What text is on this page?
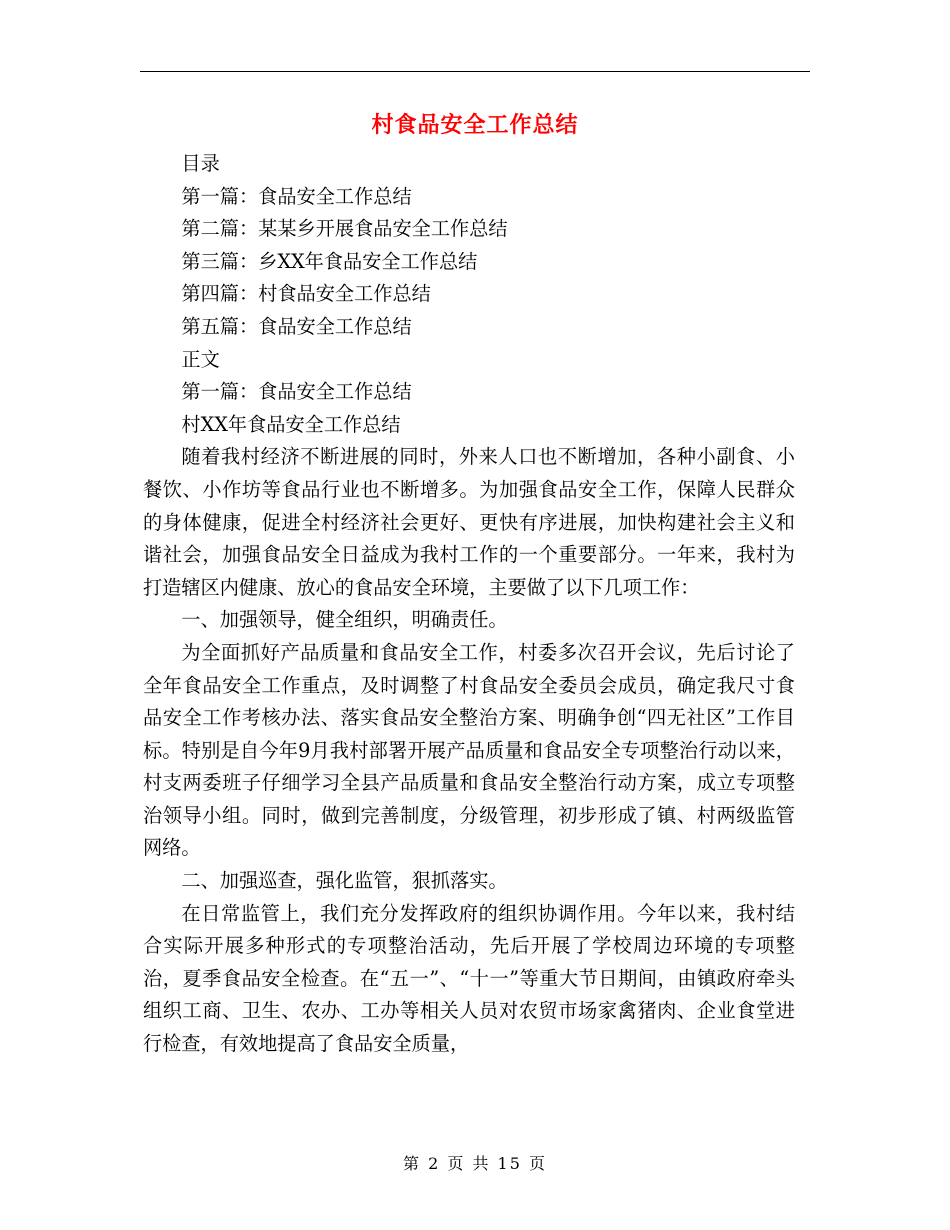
村食品安全工作总结

目录

第一篇：食品安全工作总结

第二篇：某某乡开展食品安全工作总结

第三篇：乡XX年食品安全工作总结

第四篇：村食品安全工作总结

第五篇：食品安全工作总结

正文

第一篇：食品安全工作总结

村XX年食品安全工作总结

随着我村经济不断进展的同时，外来人口也不断增加，各种小副食、小餐饮、小作坊等食品行业也不断增多。为加强食品安全工作，保障人民群众的身体健康，促进全村经济社会更好、更快有序进展，加快构建社会主义和谐社会，加强食品安全日益成为我村工作的一个重要部分。一年来，我村为打造辖区内健康、放心的食品安全环境，主要做了以下几项工作：

一、加强领导，健全组织，明确责任。

为全面抓好产品质量和食品安全工作，村委多次召开会议，先后讨论了全年食品安全工作重点，及时调整了村食品安全委员会成员，确定我尺寸食品安全工作考核办法、落实食品安全整治方案、明确争创“四无社区”工作目标。特别是自今年9月我村部署开展产品质量和食品安全专项整治行动以来，村支两委班子仔细学习全县产品质量和食品安全整治行动方案，成立专项整治领导小组。同时，做到完善制度，分级管理，初步形成了镇、村两级监管网络。

二、加强巡查，强化监管，狠抓落实。

在日常监管上，我们充分发挥政府的组织协调作用。今年以来，我村结合实际开展多种形式的专项整治活动，先后开展了学校周边环境的专项整治，夏季食品安全检查。在“五一”、“十一”等重大节日期间，由镇政府牵头组织工商、卫生、农办、工办等相关人员对农贸市场家禽猪肉、企业食堂进行检查，有效地提高了食品安全质量，

第 2 页 共 15 页
